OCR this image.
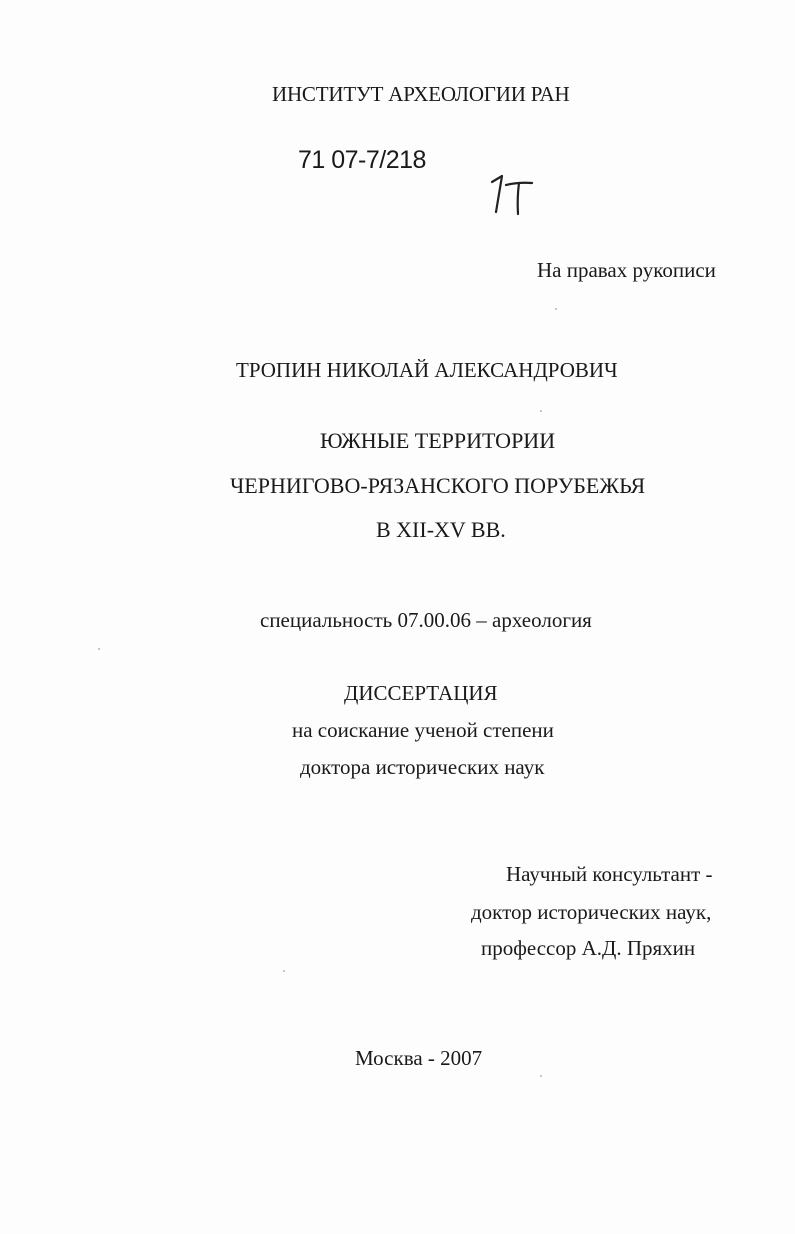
ИНСТИТУТ АРХЕОЛОГИИ РАН
71 07-7/218
На правах рукописи
ТРОПИН НИКОЛАЙ АЛЕКСАНДРОВИЧ
ЮЖНЫЕ ТЕРРИТОРИИ
ЧЕРНИГОВО-РЯЗАНСКОГО ПОРУБЕЖЬЯ
В XII-XV ВВ.
специальность 07.00.06 – археология
ДИССЕРТАЦИЯ
на соискание ученой степени
доктора исторических наук
Научный консультант -
доктор исторических наук,
профессор А.Д. Пряхин
Москва - 2007
